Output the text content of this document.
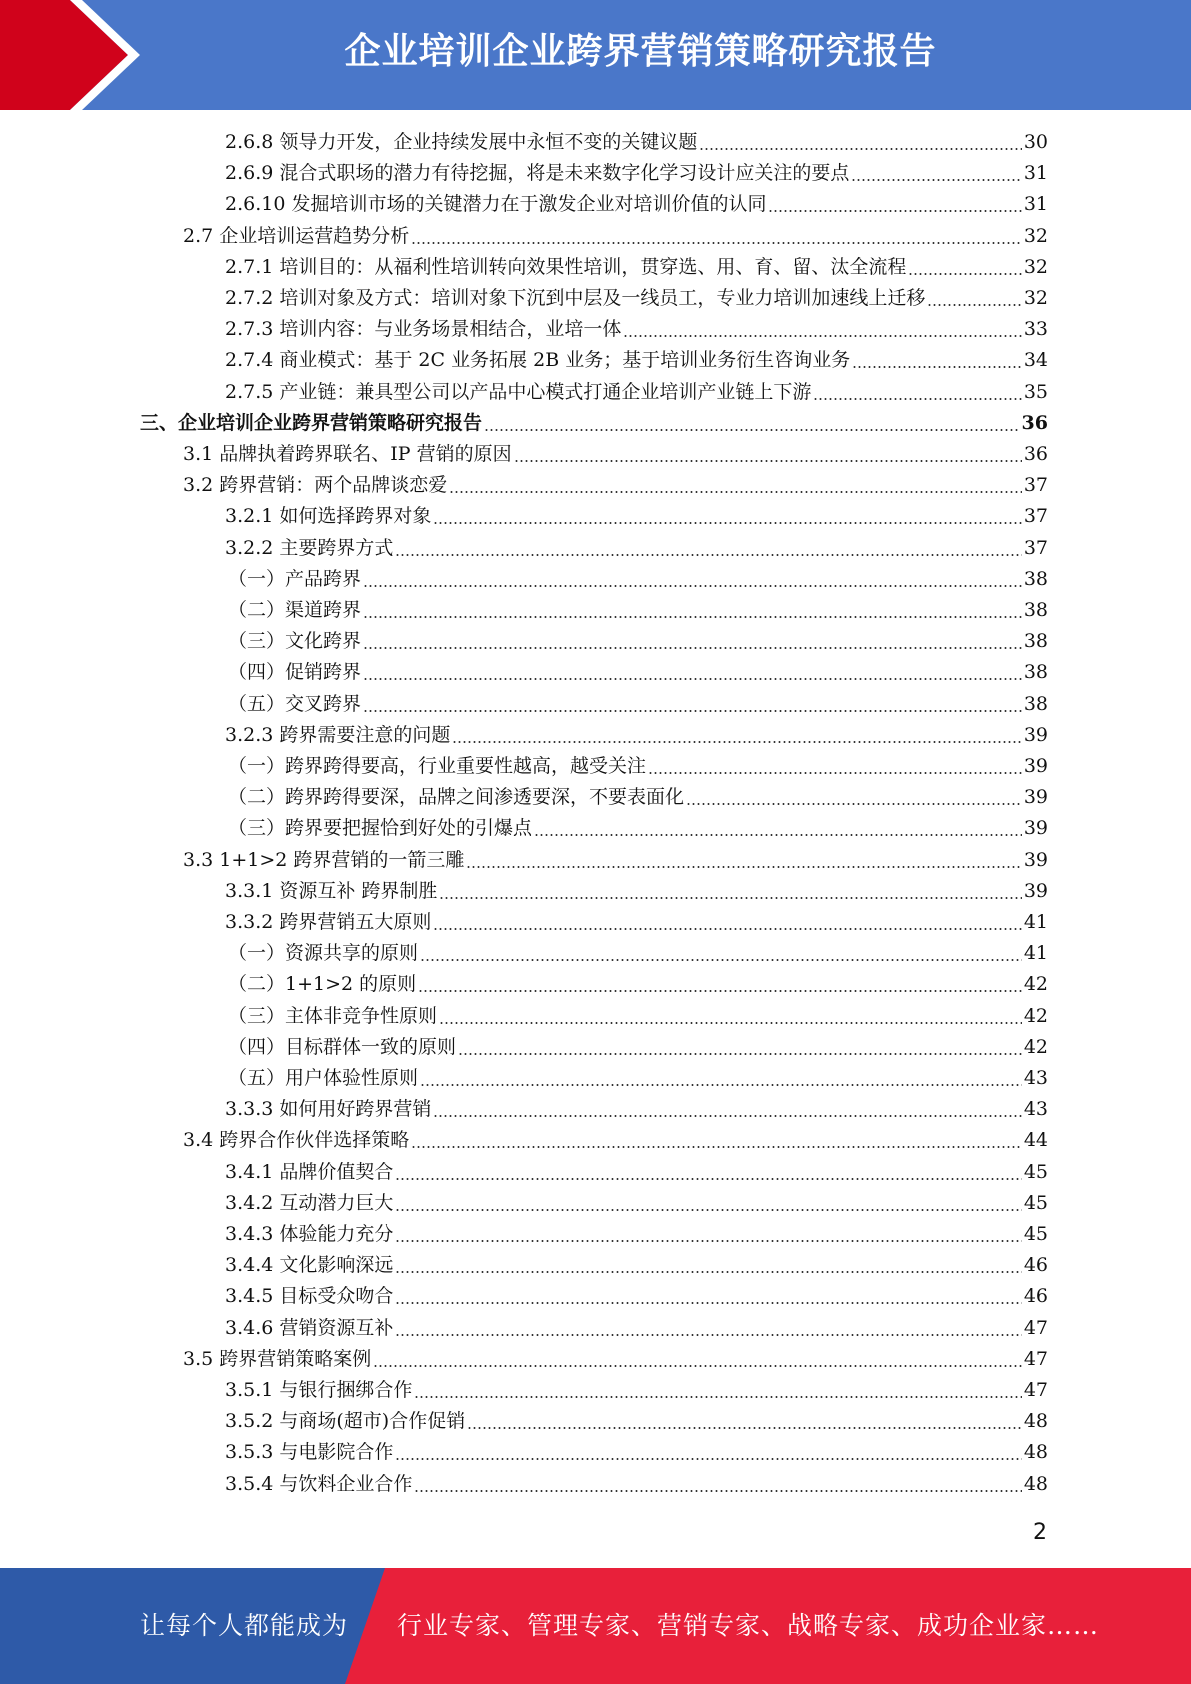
企业培训企业跨界营销策略研究报告
2.6.8 领导力开发，企业持续发展中永恒不变的关键议题	30
2.6.9 混合式职场的潜力有待挖掘，将是未来数字化学习设计应关注的要点	31
2.6.10 发掘培训市场的关键潜力在于激发企业对培训价值的认同	31
2.7 企业培训运营趋势分析	32
2.7.1 培训目的：从福利性培训转向效果性培训，贯穿选、用、育、留、汰全流程	32
2.7.2 培训对象及方式：培训对象下沉到中层及一线员工，专业力培训加速线上迁移	32
2.7.3 培训内容：与业务场景相结合，业培一体	33
2.7.4 商业模式：基于 2C 业务拓展 2B 业务；基于培训业务衍生咨询业务	34
2.7.5 产业链：兼具型公司以产品中心模式打通企业培训产业链上下游	35
三、企业培训企业跨界营销策略研究报告	36
3.1 品牌执着跨界联名、IP 营销的原因	36
3.2 跨界营销：两个品牌谈恋爱	37
3.2.1 如何选择跨界对象	37
3.2.2 主要跨界方式	37
（一）产品跨界	38
（二）渠道跨界	38
（三）文化跨界	38
（四）促销跨界	38
（五）交叉跨界	38
3.2.3 跨界需要注意的问题	39
（一）跨界跨得要高，行业重要性越高，越受关注	39
（二）跨界跨得要深，品牌之间渗透要深，不要表面化	39
（三）跨界要把握恰到好处的引爆点	39
3.3 1+1>2 跨界营销的一箭三雕	39
3.3.1 资源互补 跨界制胜	39
3.3.2 跨界营销五大原则	41
（一）资源共享的原则	41
（二）1+1>2 的原则	42
（三）主体非竞争性原则	42
（四）目标群体一致的原则	42
（五）用户体验性原则	43
3.3.3 如何用好跨界营销	43
3.4 跨界合作伙伴选择策略	44
3.4.1 品牌价值契合	45
3.4.2 互动潜力巨大	45
3.4.3 体验能力充分	45
3.4.4 文化影响深远	46
3.4.5 目标受众吻合	46
3.4.6 营销资源互补	47
3.5 跨界营销策略案例	47
3.5.1 与银行捆绑合作	47
3.5.2 与商场(超市)合作促销	48
3.5.3 与电影院合作	48
3.5.4 与饮料企业合作	48
2
让每个人都能成为 行业专家、管理专家、营销专家、战略专家、成功企业家……
